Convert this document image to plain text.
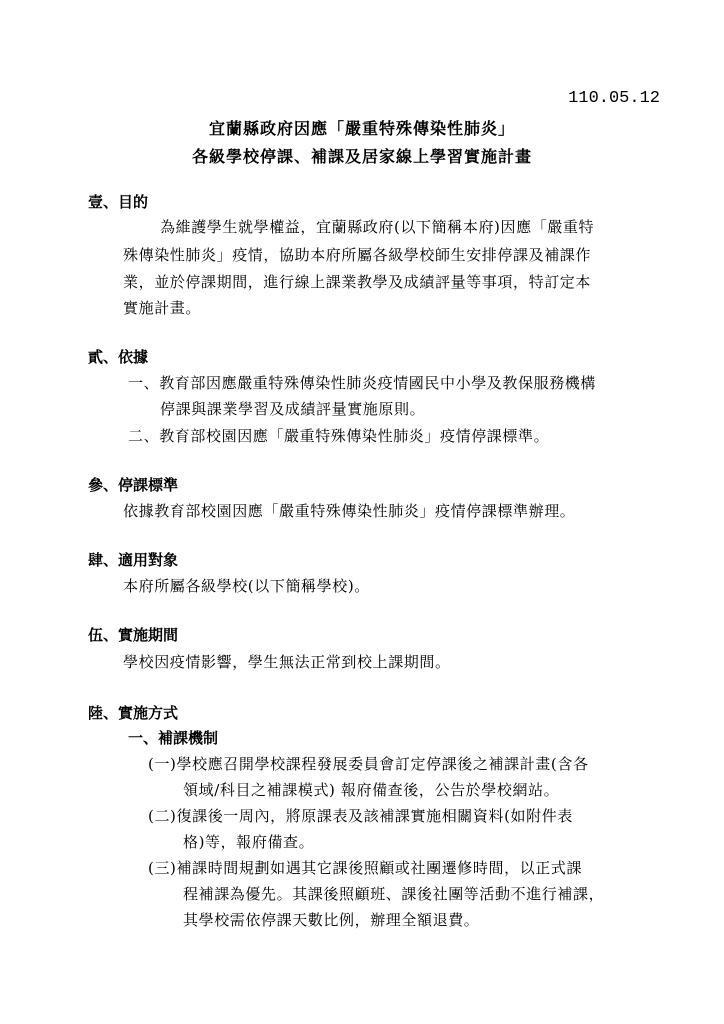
110.05.12
宜蘭縣政府因應「嚴重特殊傳染性肺炎」
各級學校停課、補課及居家線上學習實施計畫
壹、目的
為維護學生就學權益，宜蘭縣政府(以下簡稱本府)因應「嚴重特
殊傳染性肺炎」疫情，協助本府所屬各級學校師生安排停課及補課作
業，並於停課期間，進行線上課業教學及成績評量等事項，特訂定本
實施計畫。
貳、依據
一、教育部因應嚴重特殊傳染性肺炎疫情國民中小學及教保服務機構
停課與課業學習及成績評量實施原則。
二、教育部校園因應「嚴重特殊傳染性肺炎」疫情停課標準。
參、停課標準
依據教育部校園因應「嚴重特殊傳染性肺炎」疫情停課標準辦理。
肆、適用對象
本府所屬各級學校(以下簡稱學校)。
伍、實施期間
學校因疫情影響，學生無法正常到校上課期間。
陸、實施方式
一、補課機制
(一)學校應召開學校課程發展委員會訂定停課後之補課計畫(含各
領域/科目之補課模式) 報府備查後，公告於學校網站。
(二)復課後一周內，將原課表及該補課實施相關資料(如附件表
格)等，報府備查。
(三)補課時間規劃如遇其它課後照顧或社團遷修時間，以正式課
程補課為優先。其課後照顧班、課後社團等活動不進行補課，
其學校需依停課天數比例，辦理全額退費。
